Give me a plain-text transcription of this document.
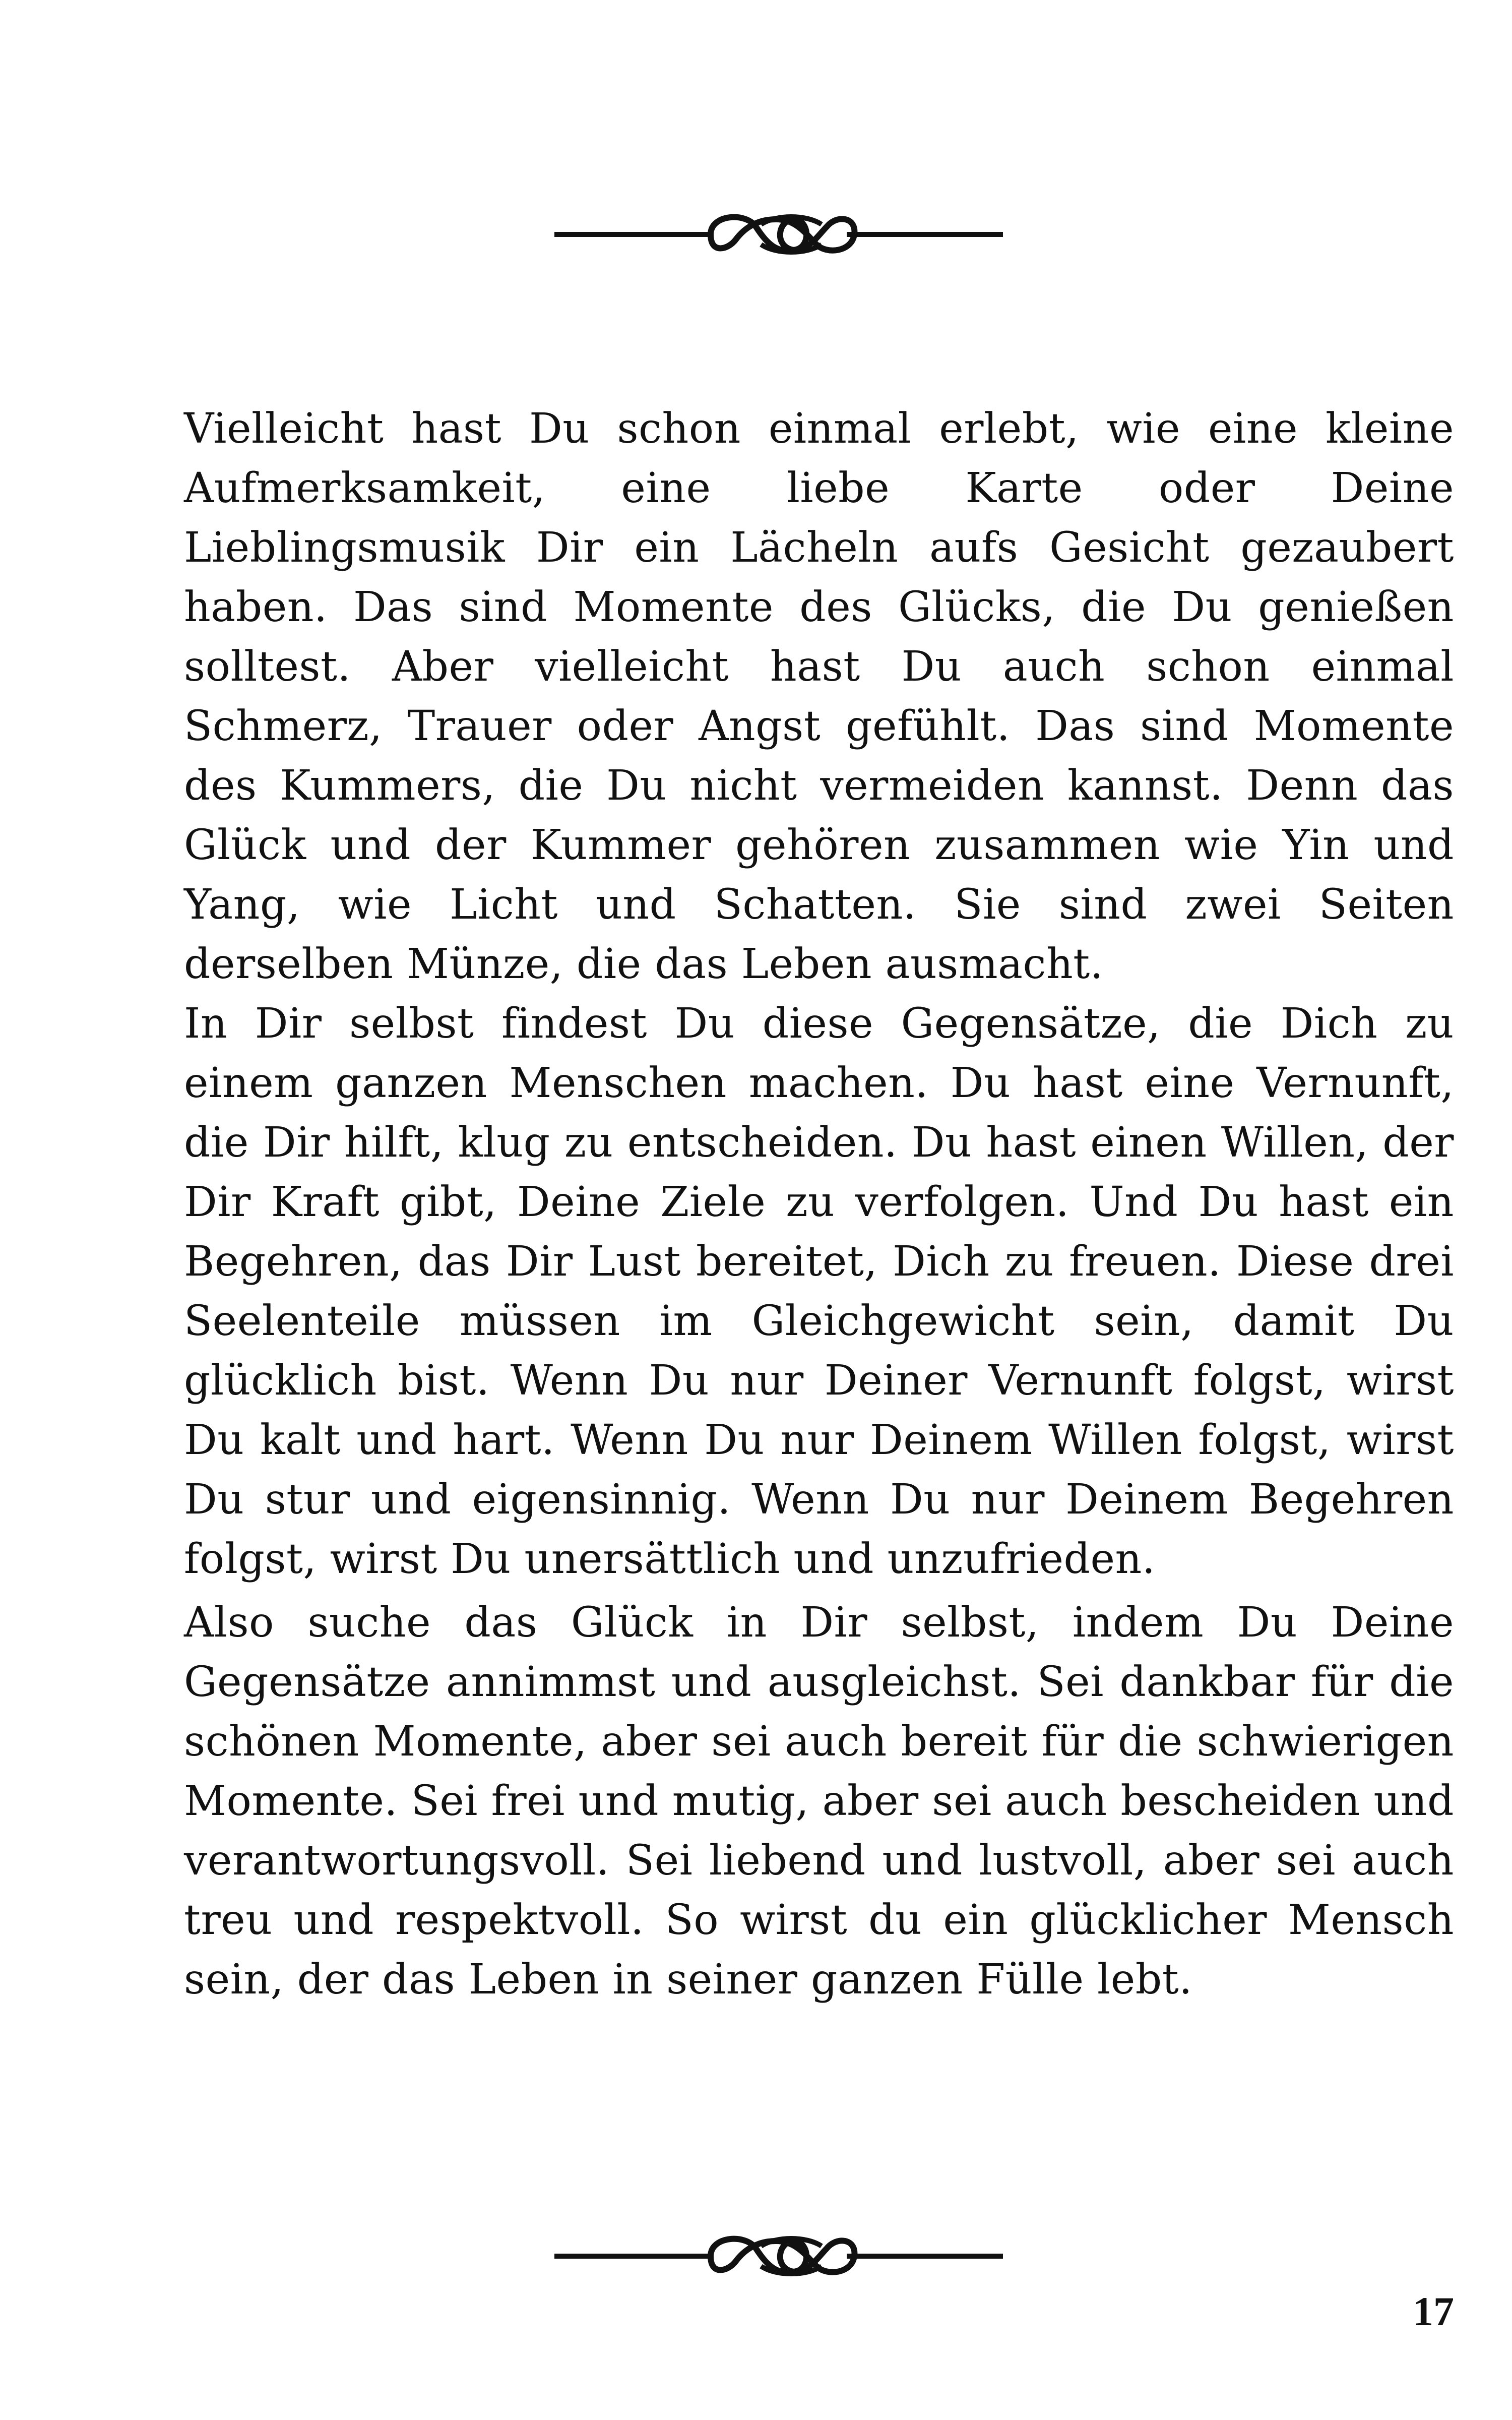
Vielleicht hast Du schon einmal erlebt, wie eine kleine Aufmerksamkeit, eine liebe Karte oder Deine Lieblingsmusik Dir ein Lächeln aufs Gesicht gezaubert haben. Das sind Momente des Glücks, die Du genießen solltest. Aber vielleicht hast Du auch schon einmal Schmerz, Trauer oder Angst gefühlt. Das sind Momente des Kummers, die Du nicht vermeiden kannst. Denn das Glück und der Kummer gehören zusammen wie Yin und Yang, wie Licht und Schatten. Sie sind zwei Seiten derselben Münze, die das Leben ausmacht.

In Dir selbst findest Du diese Gegensätze, die Dich zu einem ganzen Menschen machen. Du hast eine Vernunft, die Dir hilft, klug zu entscheiden. Du hast einen Willen, der Dir Kraft gibt, Deine Ziele zu verfolgen. Und Du hast ein Begehren, das Dir Lust bereitet, Dich zu freuen. Diese drei Seelenteile müssen im Gleichgewicht sein, damit Du glücklich bist. Wenn Du nur Deiner Vernunft folgst, wirst Du kalt und hart. Wenn Du nur Deinem Willen folgst, wirst Du stur und eigensinnig. Wenn Du nur Deinem Begehren folgst, wirst Du unersättlich und unzufrieden.

Also suche das Glück in Dir selbst, indem Du Deine Gegensätze annimmst und ausgleichst. Sei dankbar für die schönen Momente, aber sei auch bereit für die schwierigen Momente. Sei frei und mutig, aber sei auch bescheiden und verantwortungsvoll. Sei liebend und lustvoll, aber sei auch treu und respektvoll. So wirst du ein glücklicher Mensch sein, der das Leben in seiner ganzen Fülle lebt.

17
